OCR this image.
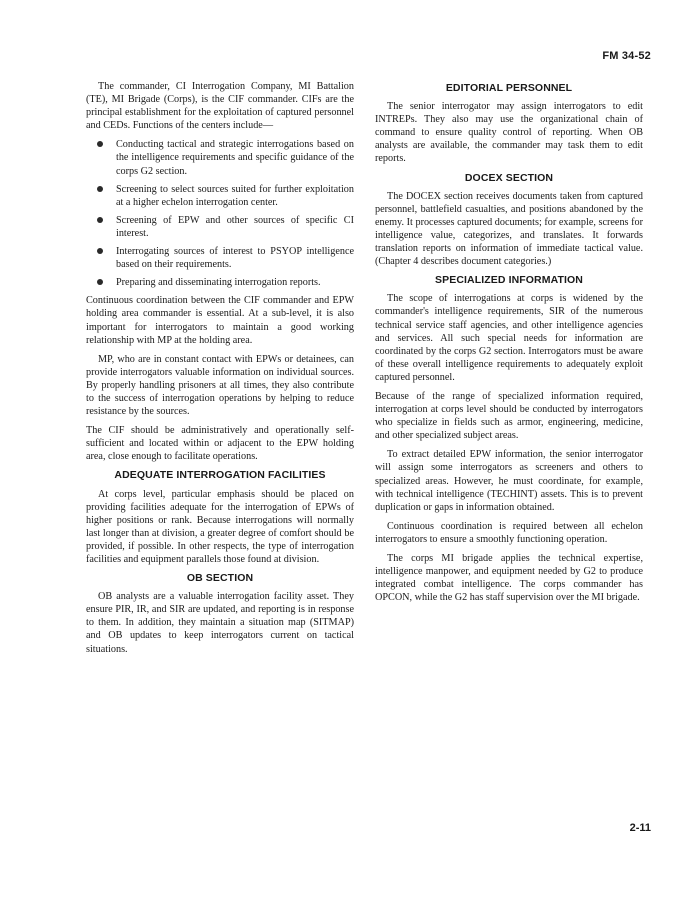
FM 34-52

The commander, CI Interrogation Company, MI Battalion (TE), MI Brigade (Corps), is the CIF commander. CIFs are the principal establishment for the exploitation of captured personnel and CEDs. Functions of the centers include—

Conducting tactical and strategic interrogations based on the intelligence requirements and specific guidance of the corps G2 section.
Screening to select sources suited for further exploitation at a higher echelon interrogation center.
Screening of EPW and other sources of specific CI interest.
Interrogating sources of interest to PSYOP intelligence based on their requirements.
Preparing and disseminating interrogation reports.

Continuous coordination between the CIF commander and EPW holding area commander is essential. At a sub-level, it is also important for interrogators to maintain a good working relationship with MP at the holding area.

MP, who are in constant contact with EPWs or detainees, can provide interrogators valuable information on individual sources. By properly handling prisoners at all times, they also contribute to the success of interrogation operations by helping to reduce resistance by the sources.

The CIF should be administratively and operationally self-sufficient and located within or adjacent to the EPW holding area, close enough to facilitate operations.

ADEQUATE INTERROGATION FACILITIES

At corps level, particular emphasis should be placed on providing facilities adequate for the interrogation of EPWs of higher positions or rank. Because interrogations will normally last longer than at division, a greater degree of comfort should be provided, if possible. In other respects, the type of interrogation facilities and equipment parallels those found at division.

OB SECTION

OB analysts are a valuable interrogation facility asset. They ensure PIR, IR, and SIR are updated, and reporting is in response to them. In addition, they maintain a situation map (SITMAP) and OB updates to keep interrogators current on tactical situations.

EDITORIAL PERSONNEL

The senior interrogator may assign interrogators to edit INTREPs. They also may use the organizational chain of command to ensure quality control of reporting. When OB analysts are available, the commander may task them to edit reports.

DOCEX SECTION

The DOCEX section receives documents taken from captured personnel, battlefield casualties, and positions abandoned by the enemy. It processes captured documents; for example, screens for intelligence value, categorizes, and translates. It forwards translation reports on information of immediate tactical value. (Chapter 4 describes document categories.)

SPECIALIZED INFORMATION

The scope of interrogations at corps is widened by the commander's intelligence requirements, SIR of the numerous technical service staff agencies, and other intelligence agencies and services. All such special needs for information are coordinated by the corps G2 section. Interrogators must be aware of these overall intelligence requirements to adequately exploit captured personnel.

Because of the range of specialized information required, interrogation at corps level should be conducted by interrogators who specialize in fields such as armor, engineering, medicine, and other specialized subject areas.

To extract detailed EPW information, the senior interrogator will assign some interrogators as screeners and others to specialized areas. However, he must coordinate, for example, with technical intelligence (TECHINT) assets. This is to prevent duplication or gaps in information obtained.

Continuous coordination is required between all echelon interrogators to ensure a smoothly functioning operation.

The corps MI brigade applies the technical expertise, intelligence manpower, and equipment needed by G2 to produce integrated combat intelligence. The corps commander has OPCON, while the G2 has staff supervision over the MI brigade.

2-11
